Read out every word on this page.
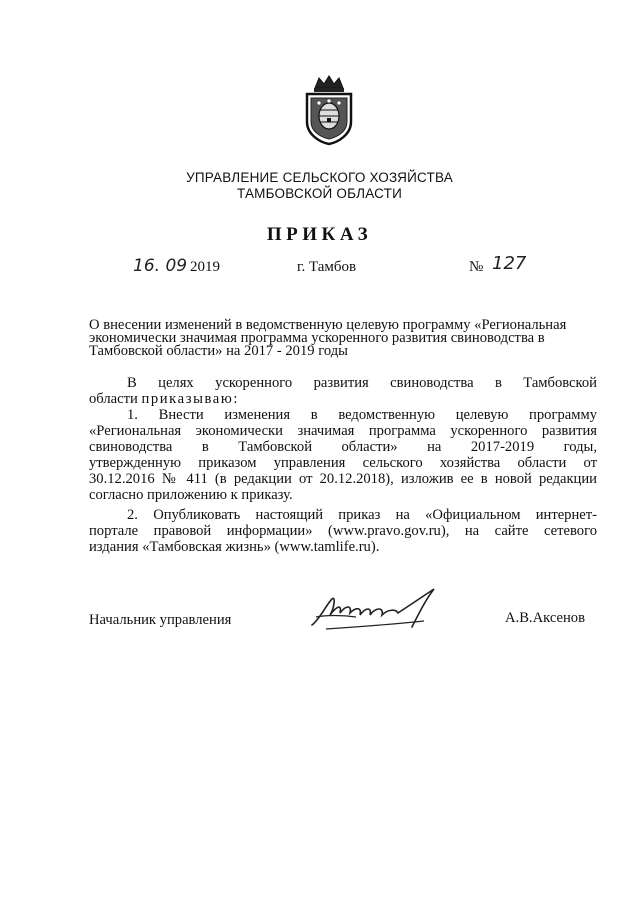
УПРАВЛЕНИЕ СЕЛЬСКОГО ХОЗЯЙСТВА
ТАМБОВСКОЙ ОБЛАСТИ
ПРИКАЗ
16. 09 2019	г. Тамбов	№ 127
О внесении изменений в ведомственную целевую программу «Региональная
экономически значимая программа ускоренного развития свиноводства в
Тамбовской области» на 2017 - 2019 годы
В целях ускоренного развития свиноводства в Тамбовской
области приказываю:
1. Внести изменения в ведомственную целевую программу
«Региональная экономически значимая программа ускоренного развития
свиноводства в Тамбовской области» на 2017-2019 годы,
утвержденную приказом управления сельского хозяйства области от
30.12.2016 № 411 (в редакции от 20.12.2018), изложив ее в новой редакции
согласно приложению к приказу.
2. Опубликовать настоящий приказ на «Официальном интернет-
портале правовой информации» (www.pravo.gov.ru), на сайте сетевого
издания «Тамбовская жизнь» (www.tamlife.ru).
Начальник управления	А.В.Аксенов
